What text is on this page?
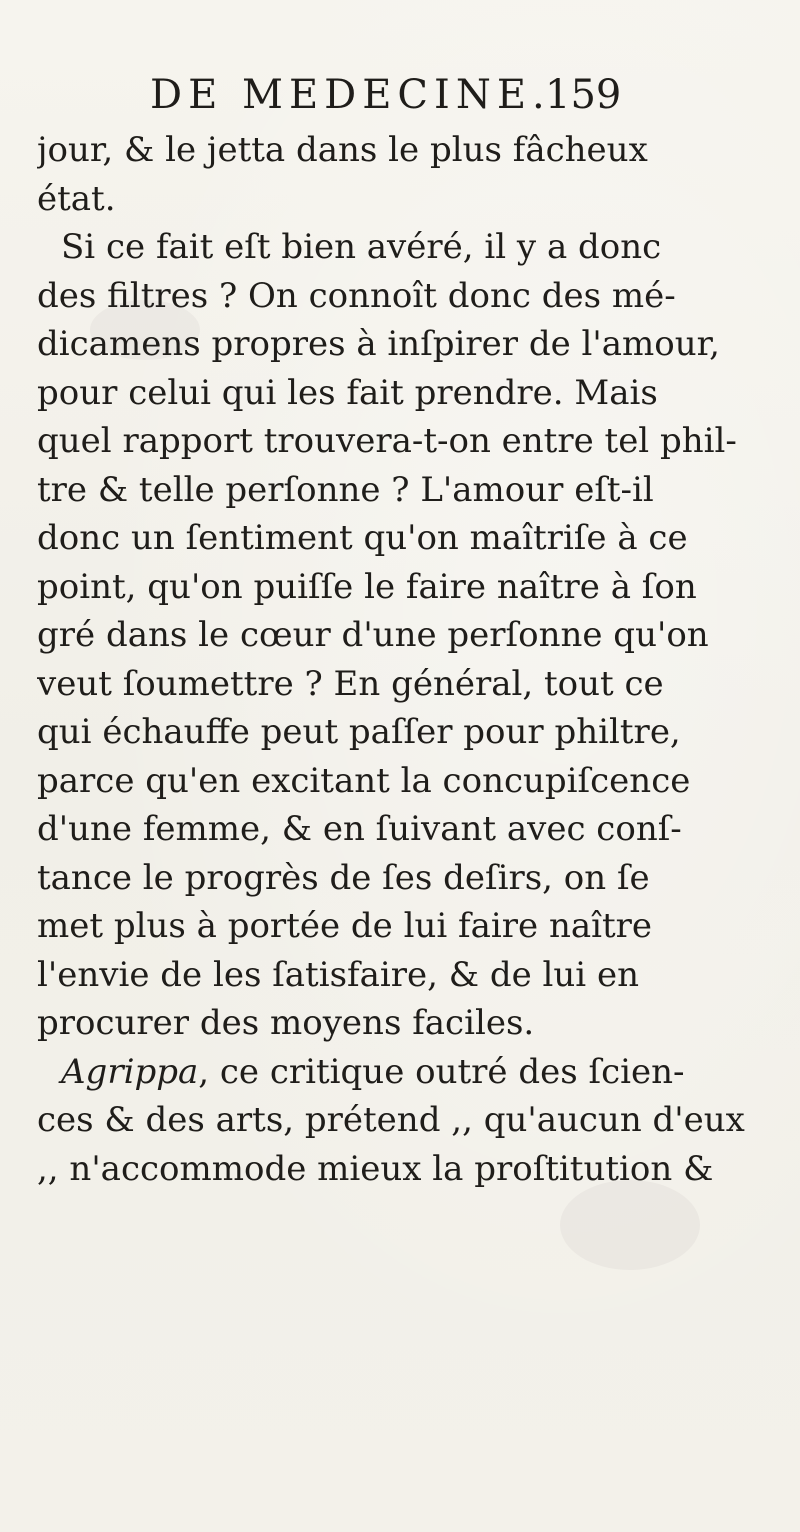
DE MEDECINE.
159
jour, & le jetta dans le plus fâcheux
état.
Si ce fait eſt bien avéré, il y a donc
des filtres ? On connoît donc des mé-
dicamens propres à inſpirer de l'amour,
pour celui qui les fait prendre. Mais
quel rapport trouvera-t-on entre tel phil-
tre & telle perſonne ? L'amour eſt-il
donc un ſentiment qu'on maîtriſe à ce
point, qu'on puiſſe le faire naître à ſon
gré dans le cœur d'une perſonne qu'on
veut ſoumettre ? En général, tout ce
qui échauffe peut paſſer pour philtre,
parce qu'en excitant la concupiſcence
d'une femme, & en ſuivant avec conſ-
tance le progrès de ſes deſirs, on ſe
met plus à portée de lui faire naître
l'envie de les ſatisfaire, & de lui en
procurer des moyens faciles.
Agrippa, ce critique outré des ſcien-
ces & des arts, prétend ,, qu'aucun d'eux
,, n'accommode mieux la proſtitution &
